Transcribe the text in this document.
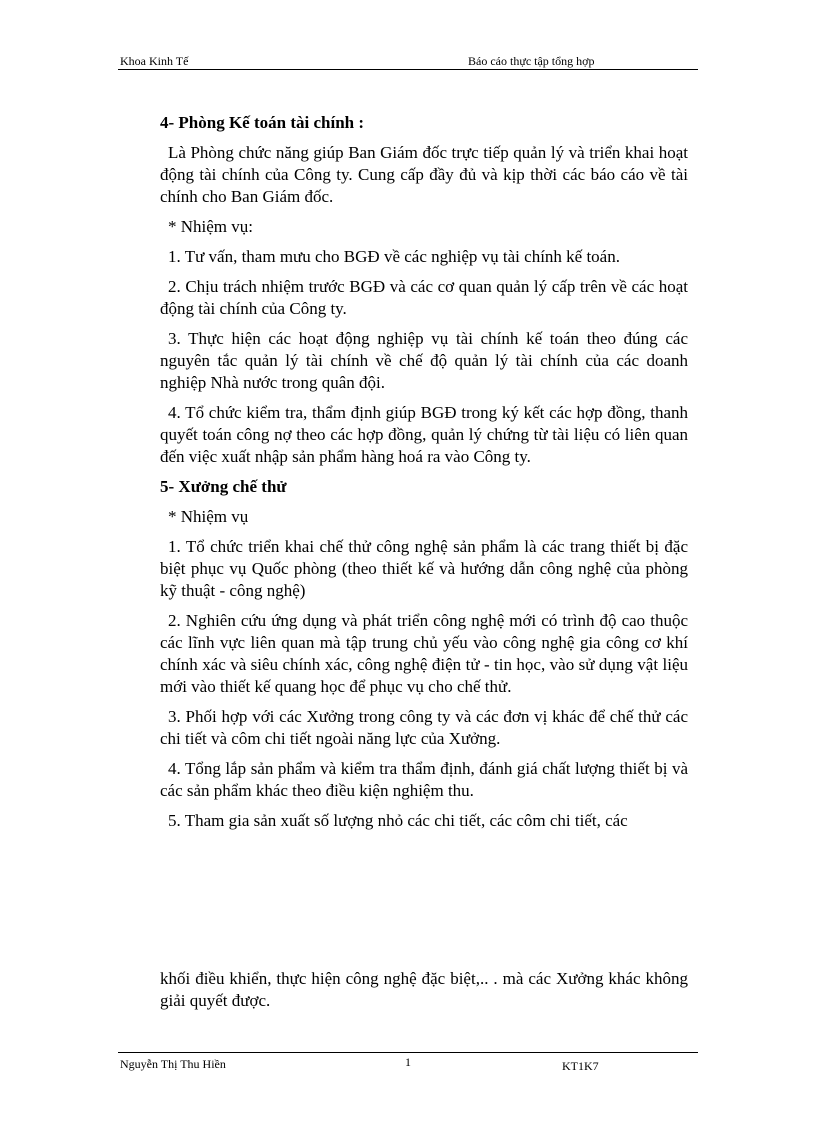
Khoa Kinh Tế	Báo cáo thực tập tổng hợp
4- Phòng Kế toán tài chính :
Là Phòng chức năng giúp Ban Giám đốc trực tiếp quản lý và triển khai hoạt động tài chính của Công ty. Cung cấp đầy đủ và kịp thời các báo cáo về tài chính cho Ban Giám đốc.
* Nhiệm vụ:
1. Tư vấn, tham mưu cho BGĐ về các nghiệp vụ tài chính kế toán.
2. Chịu trách nhiệm trước BGĐ và các cơ quan quản lý cấp trên về các hoạt động tài chính của Công ty.
3. Thực hiện các hoạt động nghiệp vụ tài chính kế toán theo đúng các nguyên tắc quản lý tài chính về chế độ quản lý tài chính của các doanh nghiệp Nhà nước trong quân đội.
4. Tổ chức kiểm tra, thẩm định giúp BGĐ trong ký kết các hợp đồng, thanh quyết toán công nợ theo các hợp đồng, quản lý chứng từ tài liệu có liên quan đến việc xuất nhập sản phẩm hàng hoá ra vào Công ty.
5- Xưởng chế thử
* Nhiệm vụ
1. Tổ chức triển khai chế thử công nghệ sản phẩm là các trang thiết bị đặc biệt phục vụ Quốc phòng (theo thiết kế và hướng dẫn công nghệ của phòng kỹ thuật - công nghệ)
2. Nghiên cứu ứng dụng và phát triển công nghệ mới có trình độ cao thuộc các lĩnh vực liên quan mà tập trung chủ yếu vào công nghệ gia công cơ khí chính xác và siêu chính xác, công nghệ điện tử - tin học, vào sử dụng vật liệu mới vào thiết kế quang học để phục vụ cho chế thử.
3. Phối hợp với các Xưởng trong công ty và các đơn vị khác để chế thử các chi tiết và côm chi tiết ngoài năng lực của Xưởng.
4. Tổng lắp sản phẩm và kiểm tra thẩm định, đánh giá chất lượng thiết bị và các sản phẩm khác theo điều kiện nghiệm thu.
5. Tham gia sản xuất số lượng nhỏ các chi tiết, các côm chi tiết, các
khối điều khiển, thực hiện công nghệ đặc biệt,.. . mà các Xưởng khác không giải quyết được.
Nguyễn Thị Thu Hiền	1	KT1K7
